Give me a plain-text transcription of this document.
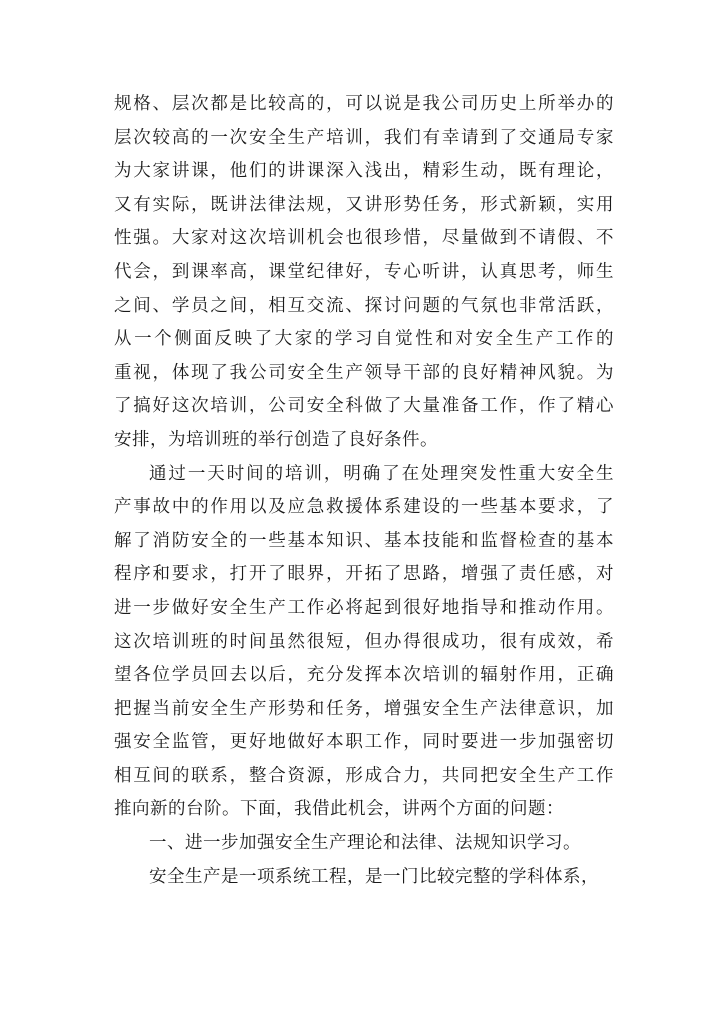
规格、层次都是比较高的，可以说是我公司历史上所举办的
层次较高的一次安全生产培训，我们有幸请到了交通局专家
为大家讲课，他们的讲课深入浅出，精彩生动，既有理论，
又有实际，既讲法律法规，又讲形势任务，形式新颖，实用
性强。大家对这次培训机会也很珍惜，尽量做到不请假、不
代会，到课率高，课堂纪律好，专心听讲，认真思考，师生
之间、学员之间，相互交流、探讨问题的气氛也非常活跃，
从一个侧面反映了大家的学习自觉性和对安全生产工作的
重视，体现了我公司安全生产领导干部的良好精神风貌。为
了搞好这次培训，公司安全科做了大量准备工作，作了精心
安排，为培训班的举行创造了良好条件。
通过一天时间的培训，明确了在处理突发性重大安全生
产事故中的作用以及应急救援体系建设的一些基本要求，了
解了消防安全的一些基本知识、基本技能和监督检查的基本
程序和要求，打开了眼界，开拓了思路，增强了责任感，对
进一步做好安全生产工作必将起到很好地指导和推动作用。
这次培训班的时间虽然很短，但办得很成功，很有成效，希
望各位学员回去以后，充分发挥本次培训的辐射作用，正确
把握当前安全生产形势和任务，增强安全生产法律意识，加
强安全监管，更好地做好本职工作，同时要进一步加强密切
相互间的联系，整合资源，形成合力，共同把安全生产工作
推向新的台阶。下面，我借此机会，讲两个方面的问题：
一、进一步加强安全生产理论和法律、法规知识学习。
安全生产是一项系统工程，是一门比较完整的学科体系，
